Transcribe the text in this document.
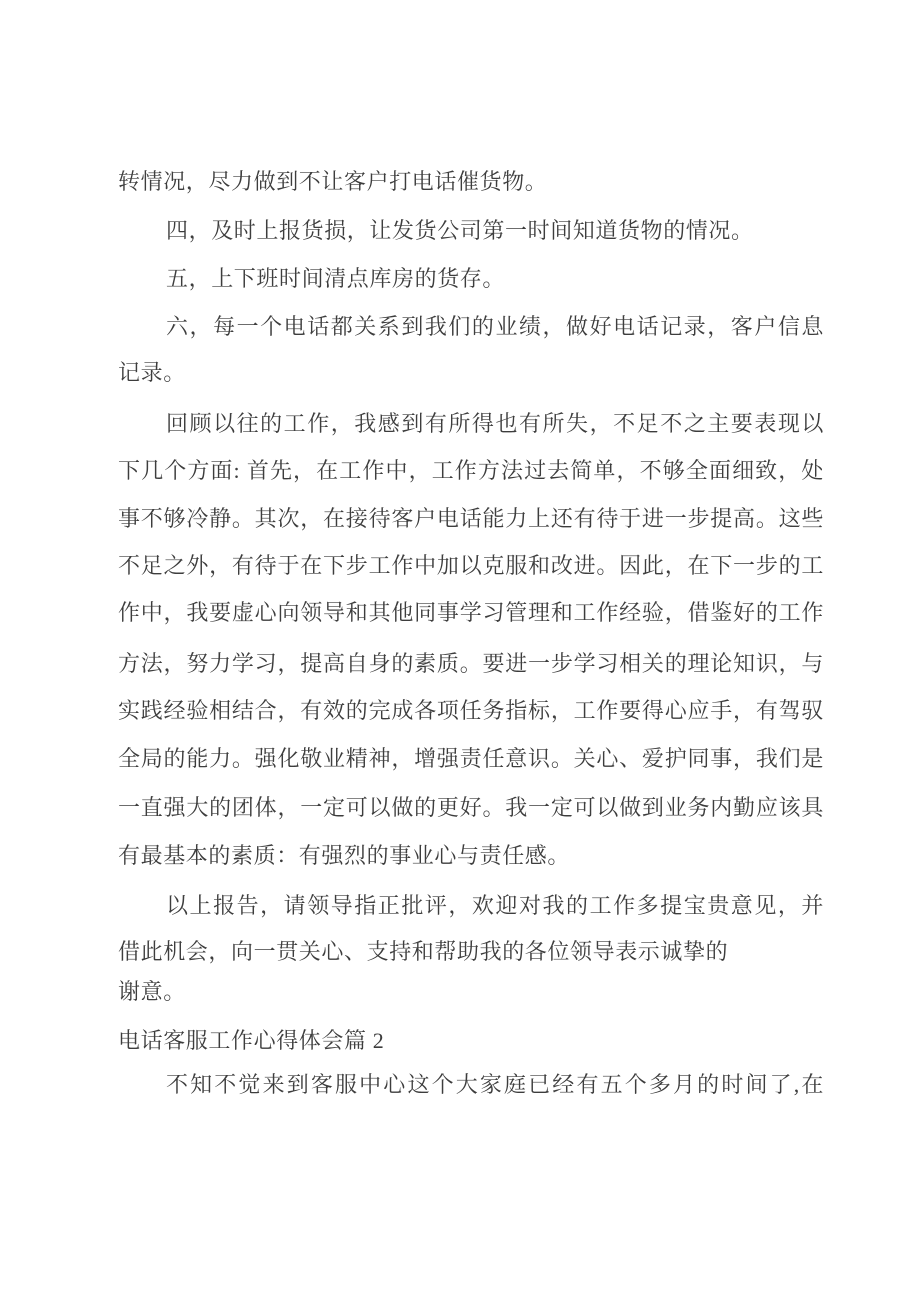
转情况，尽力做到不让客户打电话催货物。
四，及时上报货损，让发货公司第一时间知道货物的情况。
五，上下班时间清点库房的货存。
六，每一个电话都关系到我们的业绩，做好电话记录，客户信息
记录。
回顾以往的工作，我感到有所得也有所失，不足不之主要表现以
下几个方面: 首先，在工作中，工作方法过去简单，不够全面细致，处
事不够冷静。其次，在接待客户电话能力上还有待于进一步提高。这些
不足之外，有待于在下步工作中加以克服和改进。因此，在下一步的工
作中，我要虚心向领导和其他同事学习管理和工作经验，借鉴好的工作
方法，努力学习，提高自身的素质。要进一步学习相关的理论知识，与
实践经验相结合，有效的完成各项任务指标，工作要得心应手，有驾驭
全局的能力。强化敬业精神，增强责任意识。关心、爱护同事，我们是
一直强大的团体，一定可以做的更好。我一定可以做到业务内勤应该具
有最基本的素质：有强烈的事业心与责任感。
以上报告，请领导指正批评，欢迎对我的工作多提宝贵意见，并
借此机会，向一贯关心、支持和帮助我的各位领导表示诚挚的
谢意。
电话客服工作心得体会篇 2
不知不觉来到客服中心这个大家庭已经有五个多月的时间了,在
